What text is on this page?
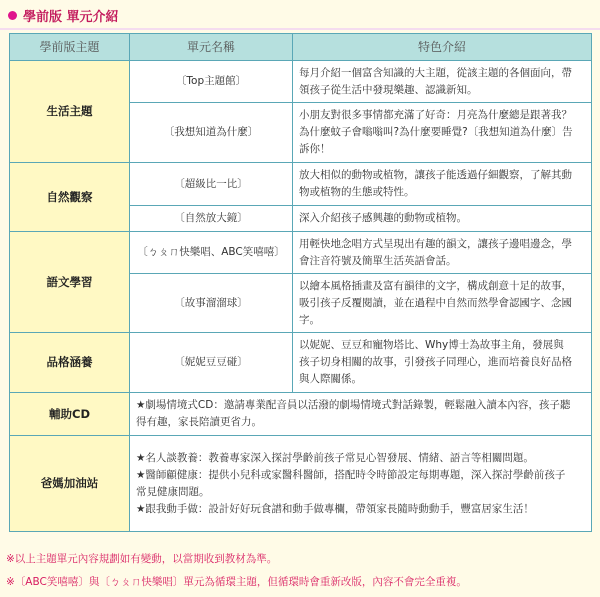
學前版 單元介紹
學前版主題	單元名稱	特色介紹
生活主題	〔Top主題館〕	每月介紹一個富含知識的大主題，從該主題的各個面向，帶
領孩子從生活中發現樂趣、認識新知。

	〔我想知道為什麼〕	小朋友對很多事情都充滿了好奇：月亮為什麼總是跟著我？
為什麼蚊子會嗡嗡叫?為什麼要睡覺?〔我想知道為什麼〕告
訴你！

自然觀察	〔超級比一比〕	放大相似的動物或植物，讓孩子能透過仔細觀察，了解其動
物或植物的生態或特性。

	〔自然放大鏡〕	深入介紹孩子感興趣的動物或植物。

語文學習	〔ㄅㄆㄇ快樂唱、ABC笑嘻嘻〕	用輕快地念唱方式呈現出有趣的韻文，讓孩子邊唱邊念，學
會注音符號及簡單生活英語會話。

	〔故事溜溜球〕	以繪本風格插畫及富有韻律的文字，構成創意十足的故事，
吸引孩子反覆閱讀，並在過程中自然而然學會認國字、念國
字。

品格涵養	〔妮妮豆豆碰〕	以妮妮、豆豆和寵物塔比、Why博士為故事主角，發展與
孩子切身相關的故事，引發孩子同理心，進而培養良好品格
與人際關係。

輔助CD	★劇場情境式CD：邀請專業配音員以活潑的劇場情境式對話錄製，輕鬆融入讀本內容，孩子聽
得有趣，家長陪讀更省力。	

爸媽加油站	★名人談教養：教養專家深入探討學齡前孩子常見心智發展、情緒、語言等相關問題。
★醫師顧健康：提供小兒科或家醫科醫師，搭配時令時節設定每期專題，深入探討學齡前孩子
常見健康問題。
★跟我動手做：設計好好玩食譜和動手做專欄，帶領家長隨時動動手，豐富居家生活！	
※以上主題單元內容規劃如有變動，以當期收到教材為準。
※〔ABC笑嘻嘻〕與〔ㄅㄆㄇ快樂唱〕單元為循環主題，但循環時會重新改版，內容不會完全重複。
